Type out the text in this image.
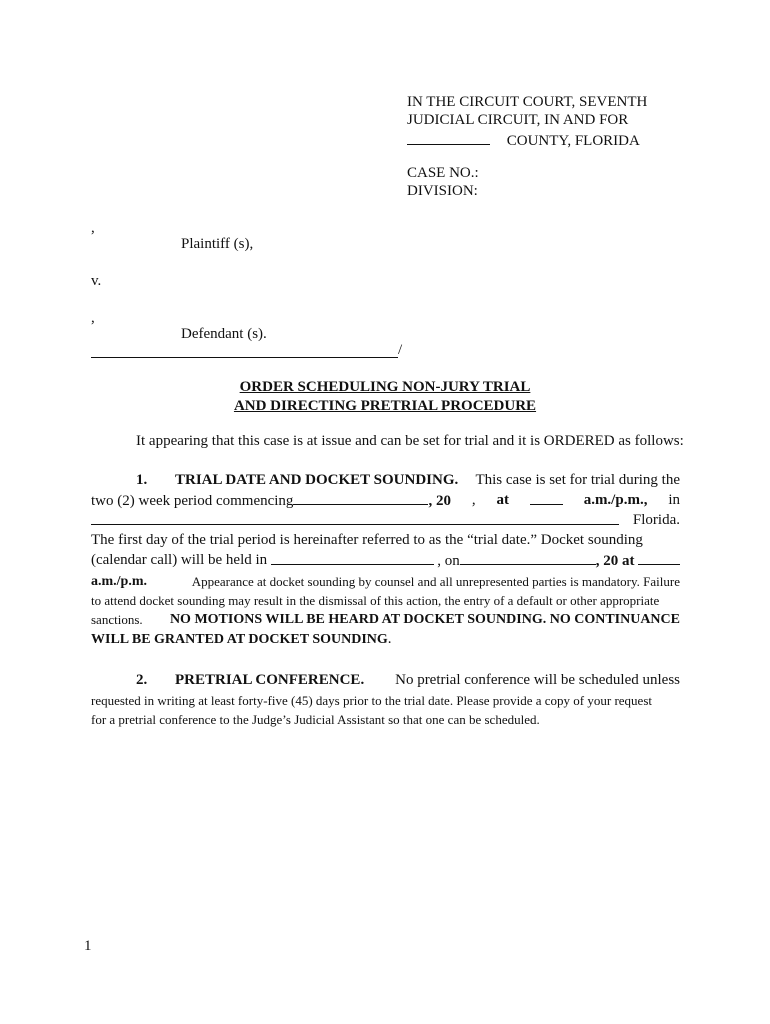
IN THE CIRCUIT COURT, SEVENTH
JUDICIAL CIRCUIT, IN AND FOR
COUNTY, FLORIDA
CASE NO.:
DIVISION:
,
Plaintiff (s),
v.
,
Defendant (s).
/
ORDER SCHEDULING NON-JURY TRIAL
AND DIRECTING PRETRIAL PROCEDURE
It appearing that this case is at issue and can be set for trial and it is ORDERED as follows:
1. TRIAL DATE AND DOCKET SOUNDING. This case is set for trial during the
two (2) week period commencing	, 20 , at	a.m./p.m., in
Florida.
The first day of the trial period is hereinafter referred to as the “trial date.” Docket sounding
(calendar call) will be held in	, on	, 20 at
a.m./p.m.	Appearance at docket sounding by counsel and all unrepresented parties is mandatory. Failure
to attend docket sounding may result in the dismissal of this action, the entry of a default or other appropriate
sanctions. NO MOTIONS WILL BE HEARD AT DOCKET SOUNDING. NO CONTINUANCE
WILL BE GRANTED AT DOCKET SOUNDING.
2. PRETRIAL CONFERENCE. No pretrial conference will be scheduled unless
requested in writing at least forty-five (45) days prior to the trial date. Please provide a copy of your request
for a pretrial conference to the Judge’s Judicial Assistant so that one can be scheduled.
1
